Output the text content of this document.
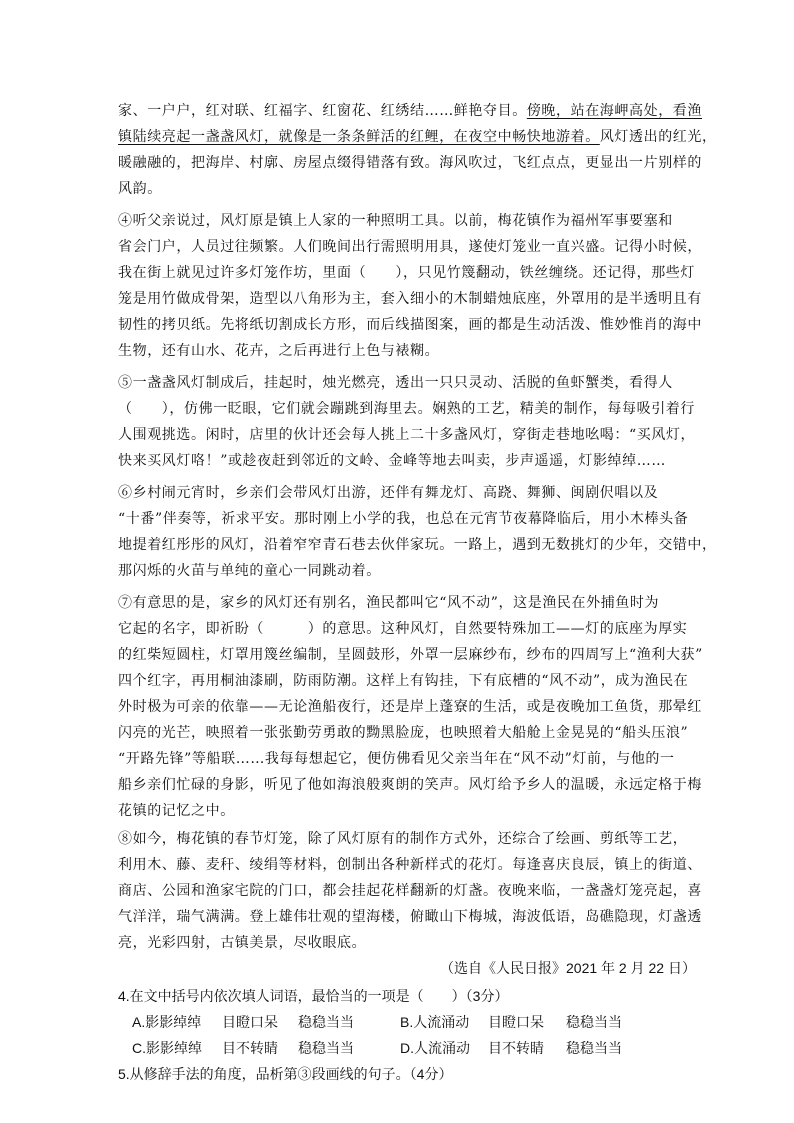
家、一户户，红对联、红福字、红窗花、红绣结……鲜艳夺目。傍晚，站在海岬高处，看渔
镇陆续亮起一盏盏风灯，就像是一条条鲜活的红鲤，在夜空中畅快地游着。风灯透出的红光，
暖融融的，把海岸、村廓、房屋点缀得错落有致。海风吹过，飞红点点，更显出一片别样的
风韵。
④听父亲说过，风灯原是镇上人家的一种照明工具。以前，梅花镇作为福州军事要塞和
省会门户，人员过往频繁。人们晚间出行需照明用具，遂使灯笼业一直兴盛。记得小时候，
我在街上就见过许多灯笼作坊，里面（　　），只见竹篾翻动，铁丝缠绕。还记得，那些灯
笼是用竹做成骨架，造型以八角形为主，套入细小的木制蜡烛底座，外罩用的是半透明且有
韧性的拷贝纸。先将纸切割成长方形，而后线描图案，画的都是生动活泼、惟妙惟肖的海中
生物，还有山水、花卉，之后再进行上色与裱糊。
⑤一盏盏风灯制成后，挂起时，烛光燃亮，透出一只只灵动、活脱的鱼虾蟹类，看得人
（　　），仿佛一眨眼，它们就会蹦跳到海里去。娴熟的工艺，精美的制作，每每吸引着行
人围观挑选。闲时，店里的伙计还会每人挑上二十多盏风灯，穿街走巷地吆喝：“买风灯，
快来买风灯咯！”或趁夜赶到邻近的文岭、金峰等地去叫卖，步声遥遥，灯影绰绰……
⑥乡村闹元宵时，乡亲们会带风灯出游，还伴有舞龙灯、高跷、舞狮、闽剧伬唱以及
“十番”伴奏等，祈求平安。那时刚上小学的我，也总在元宵节夜幕降临后，用小木棒头备
地提着红彤彤的风灯，沿着窄窄青石巷去伙伴家玩。一路上，遇到无数挑灯的少年，交错中，
那闪烁的火苗与单纯的童心一同跳动着。
⑦有意思的是，家乡的风灯还有别名，渔民都叫它“风不动”，这是渔民在外捕鱼时为
它起的名字，即祈盼（　　　）的意思。这种风灯，自然要特殊加工——灯的底座为厚实
的红柴短圆柱，灯罩用篾丝编制，呈圆鼓形，外罩一层麻纱布，纱布的四周写上“渔利大获”
四个红字，再用桐油漆刷，防雨防潮。这样上有钩挂，下有底槽的“风不动”，成为渔民在
外时极为可亲的依靠——无论渔船夜行，还是岸上蓬寮的生活，或是夜晚加工鱼货，那晕红
闪亮的光芒，映照着一张张勤劳勇敢的黝黑脸庞，也映照着大船舱上金晃晃的“船头压浪”
“开路先锋”等船联……我每每想起它，便仿佛看见父亲当年在“风不动”灯前，与他的一
船乡亲们忙碌的身影，听见了他如海浪般爽朗的笑声。风灯给予乡人的温暖，永远定格于梅
花镇的记忆之中。
⑧如今，梅花镇的春节灯笼，除了风灯原有的制作方式外，还综合了绘画、剪纸等工艺，
利用木、藤、麦秆、绫绢等材料，创制出各种新样式的花灯。每逢喜庆良辰，镇上的街道、
商店、公园和渔家宅院的门口，都会挂起花样翻新的灯盏。夜晚来临，一盏盏灯笼亮起，喜
气洋洋，瑞气满满。登上雄伟壮观的望海楼，俯瞰山下梅城，海波低语，岛礁隐现，灯盏透
亮，光彩四射，古镇美景，尽收眼底。
（选自《人民日报》2021 年 2 月 22 日）
4.在文中括号内依次填人词语，最恰当的一项是（　　）（3分）
A.影影绰绰 目瞪口呆 稳稳当当	B.人流涌动 目瞪口呆 稳稳当当
C.影影绰绰 目不转睛 稳稳当当	D.人流涌动 目不转睛 稳稳当当
5.从修辞手法的角度，品析第③段画线的句子。（4分）
